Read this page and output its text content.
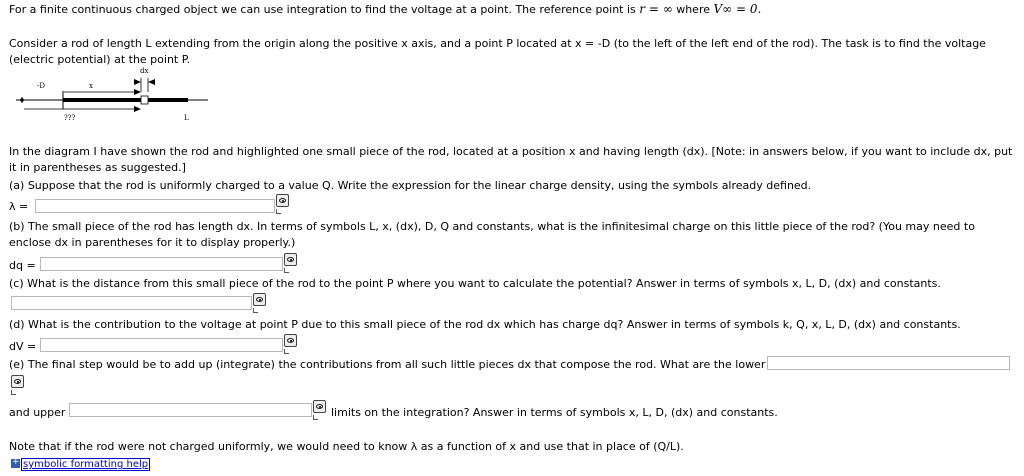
For a finite continuous charged object we can use integration to find the voltage at a point. The reference point is r = ∞ where V∞ = 0.
Consider a rod of length L extending from the origin along the positive x axis, and a point P located at x = -D (to the left of the left end of the rod). The task is to find the voltage
(electric potential) at the point P.
dx
-D	x
???	L
In the diagram I have shown the rod and highlighted one small piece of the rod, located at a position x and having length (dx). [Note: in answers below, if you want to include dx, put
it in parentheses as suggested.]
(a) Suppose that the rod is uniformly charged to a value Q. Write the expression for the linear charge density, using the symbols already defined.
λ =
(b) The small piece of the rod has length dx. In terms of symbols L, x, (dx), D, Q and constants, what is the infinitesimal charge on this little piece of the rod? (You may need to
enclose dx in parentheses for it to display properly.)
dq =
(c) What is the distance from this small piece of the rod to the point P where you want to calculate the potential? Answer in terms of symbols x, L, D, (dx) and constants.
(d) What is the contribution to the voltage at point P due to this small piece of the rod dx which has charge dq? Answer in terms of symbols k, Q, x, L, D, (dx) and constants.
dV =
(e) The final step would be to add up (integrate) the contributions from all such little pieces dx that compose the rod. What are the lower
and upper	limits on the integration? Answer in terms of symbols x, L, D, (dx) and constants.
Note that if the rod were not charged uniformly, we would need to know λ as a function of x and use that in place of (Q/L).
+symbolic formatting help
